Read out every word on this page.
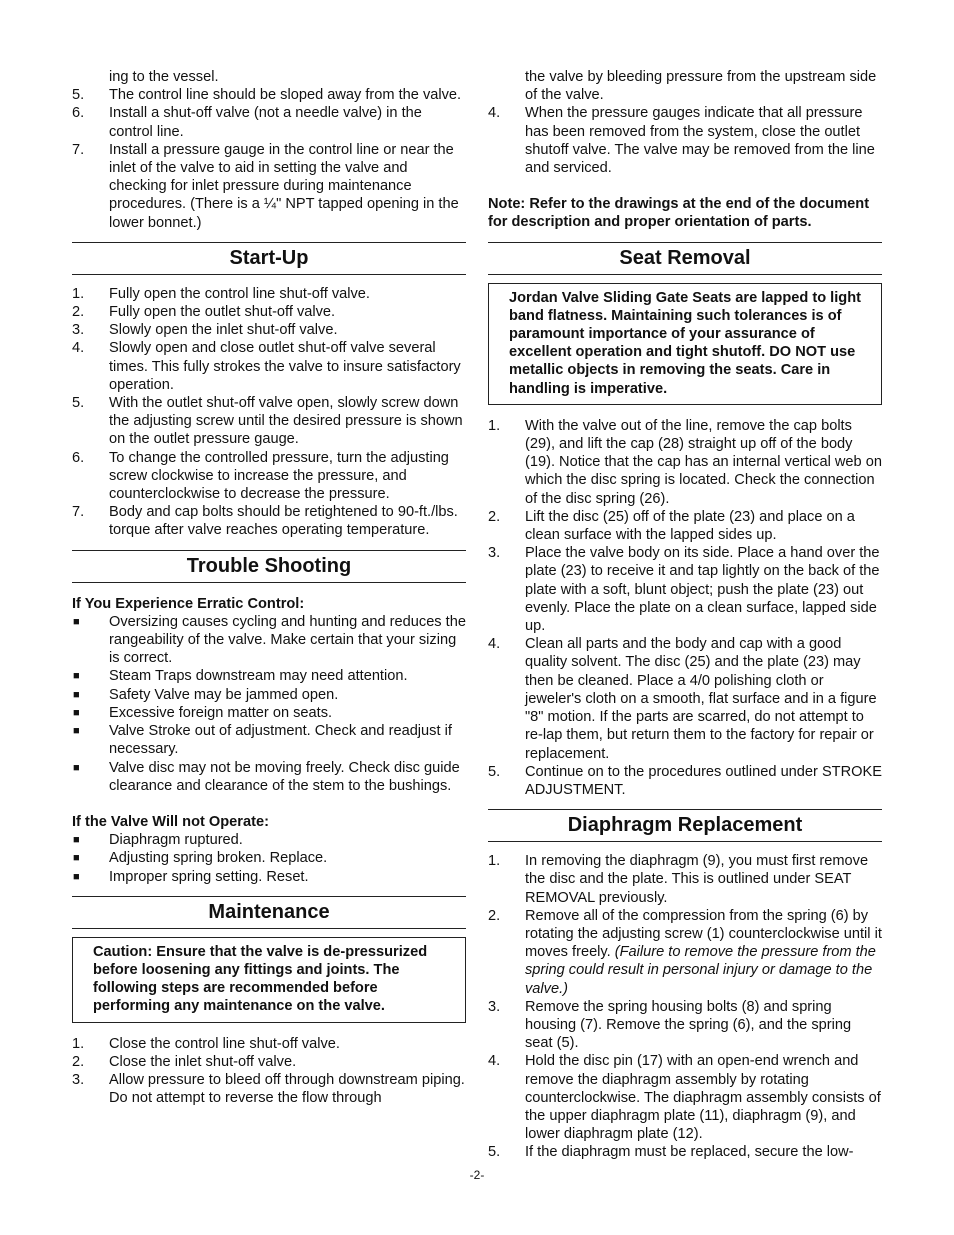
ing to the vessel.
5. The control line should be sloped away from the valve.
6. Install a shut-off valve (not a needle valve) in the control line.
7. Install a pressure gauge in the control line or near the inlet of the valve to aid in setting the valve and checking for inlet pressure during maintenance procedures. (There is a ¼" NPT tapped opening in the lower bonnet.)
Start-Up
1. Fully open the control line shut-off valve.
2. Fully open the outlet shut-off valve.
3. Slowly open the inlet shut-off valve.
4. Slowly open and close outlet shut-off valve several times. This fully strokes the valve to insure satisfactory operation.
5. With the outlet shut-off valve open, slowly screw down the adjusting screw until the desired pressure is shown on the outlet pressure gauge.
6. To change the controlled pressure, turn the adjusting screw clockwise to increase the pressure, and counterclockwise to decrease the pressure.
7. Body and cap bolts should be retightened to 90-ft./lbs. torque after valve reaches operating temperature.
Trouble Shooting
If You Experience Erratic Control:
■ Oversizing causes cycling and hunting and reduces the rangeability of the valve. Make certain that your sizing is correct.
■ Steam Traps downstream may need attention.
■ Safety Valve may be jammed open.
■ Excessive foreign matter on seats.
■ Valve Stroke out of adjustment. Check and readjust if necessary.
■ Valve disc may not be moving freely. Check disc guide clearance and clearance of the stem to the bushings.
If the Valve Will not Operate:
■ Diaphragm ruptured.
■ Adjusting spring broken. Replace.
■ Improper spring setting. Reset.
Maintenance
Caution: Ensure that the valve is de-pressurized before loosening any fittings and joints. The following steps are recommended before performing any maintenance on the valve.
1. Close the control line shut-off valve.
2. Close the inlet shut-off valve.
3. Allow pressure to bleed off through downstream piping. Do not attempt to reverse the flow through
the valve by bleeding pressure from the upstream side of the valve.
4. When the pressure gauges indicate that all pressure has been removed from the system, close the outlet shutoff valve. The valve may be removed from the line and serviced.
Note: Refer to the drawings at the end of the document for description and proper orientation of parts.
Seat Removal
Jordan Valve Sliding Gate Seats are lapped to light band flatness. Maintaining such tolerances is of paramount importance of your assurance of excellent operation and tight shutoff. DO NOT use metallic objects in removing the seats. Care in handling is imperative.
1. With the valve out of the line, remove the cap bolts (29), and lift the cap (28) straight up off of the body (19). Notice that the cap has an internal vertical web on which the disc spring is located. Check the connection of the disc spring (26).
2. Lift the disc (25) off of the plate (23) and place on a clean surface with the lapped sides up.
3. Place the valve body on its side. Place a hand over the plate (23) to receive it and tap lightly on the back of the plate with a soft, blunt object; push the plate (23) out evenly. Place the plate on a clean surface, lapped side up.
4. Clean all parts and the body and cap with a good quality solvent. The disc (25) and the plate (23) may then be cleaned. Place a 4/0 polishing cloth or jeweler's cloth on a smooth, flat surface and in a figure "8" motion. If the parts are scarred, do not attempt to re-lap them, but return them to the factory for repair or replacement.
5. Continue on to the procedures outlined under STROKE ADJUSTMENT.
Diaphragm Replacement
1. In removing the diaphragm (9), you must first remove the disc and the plate. This is outlined under SEAT REMOVAL previously.
2. Remove all of the compression from the spring (6) by rotating the adjusting screw (1) counterclockwise until it moves freely. (Failure to remove the pressure from the spring could result in personal injury or damage to the valve.)
3. Remove the spring housing bolts (8) and spring housing (7). Remove the spring (6), and the spring seat (5).
4. Hold the disc pin (17) with an open-end wrench and remove the diaphragm assembly by rotating counterclockwise. The diaphragm assembly consists of the upper diaphragm plate (11), diaphragm (9), and lower diaphragm plate (12).
5. If the diaphragm must be replaced, secure the low-
-2-
